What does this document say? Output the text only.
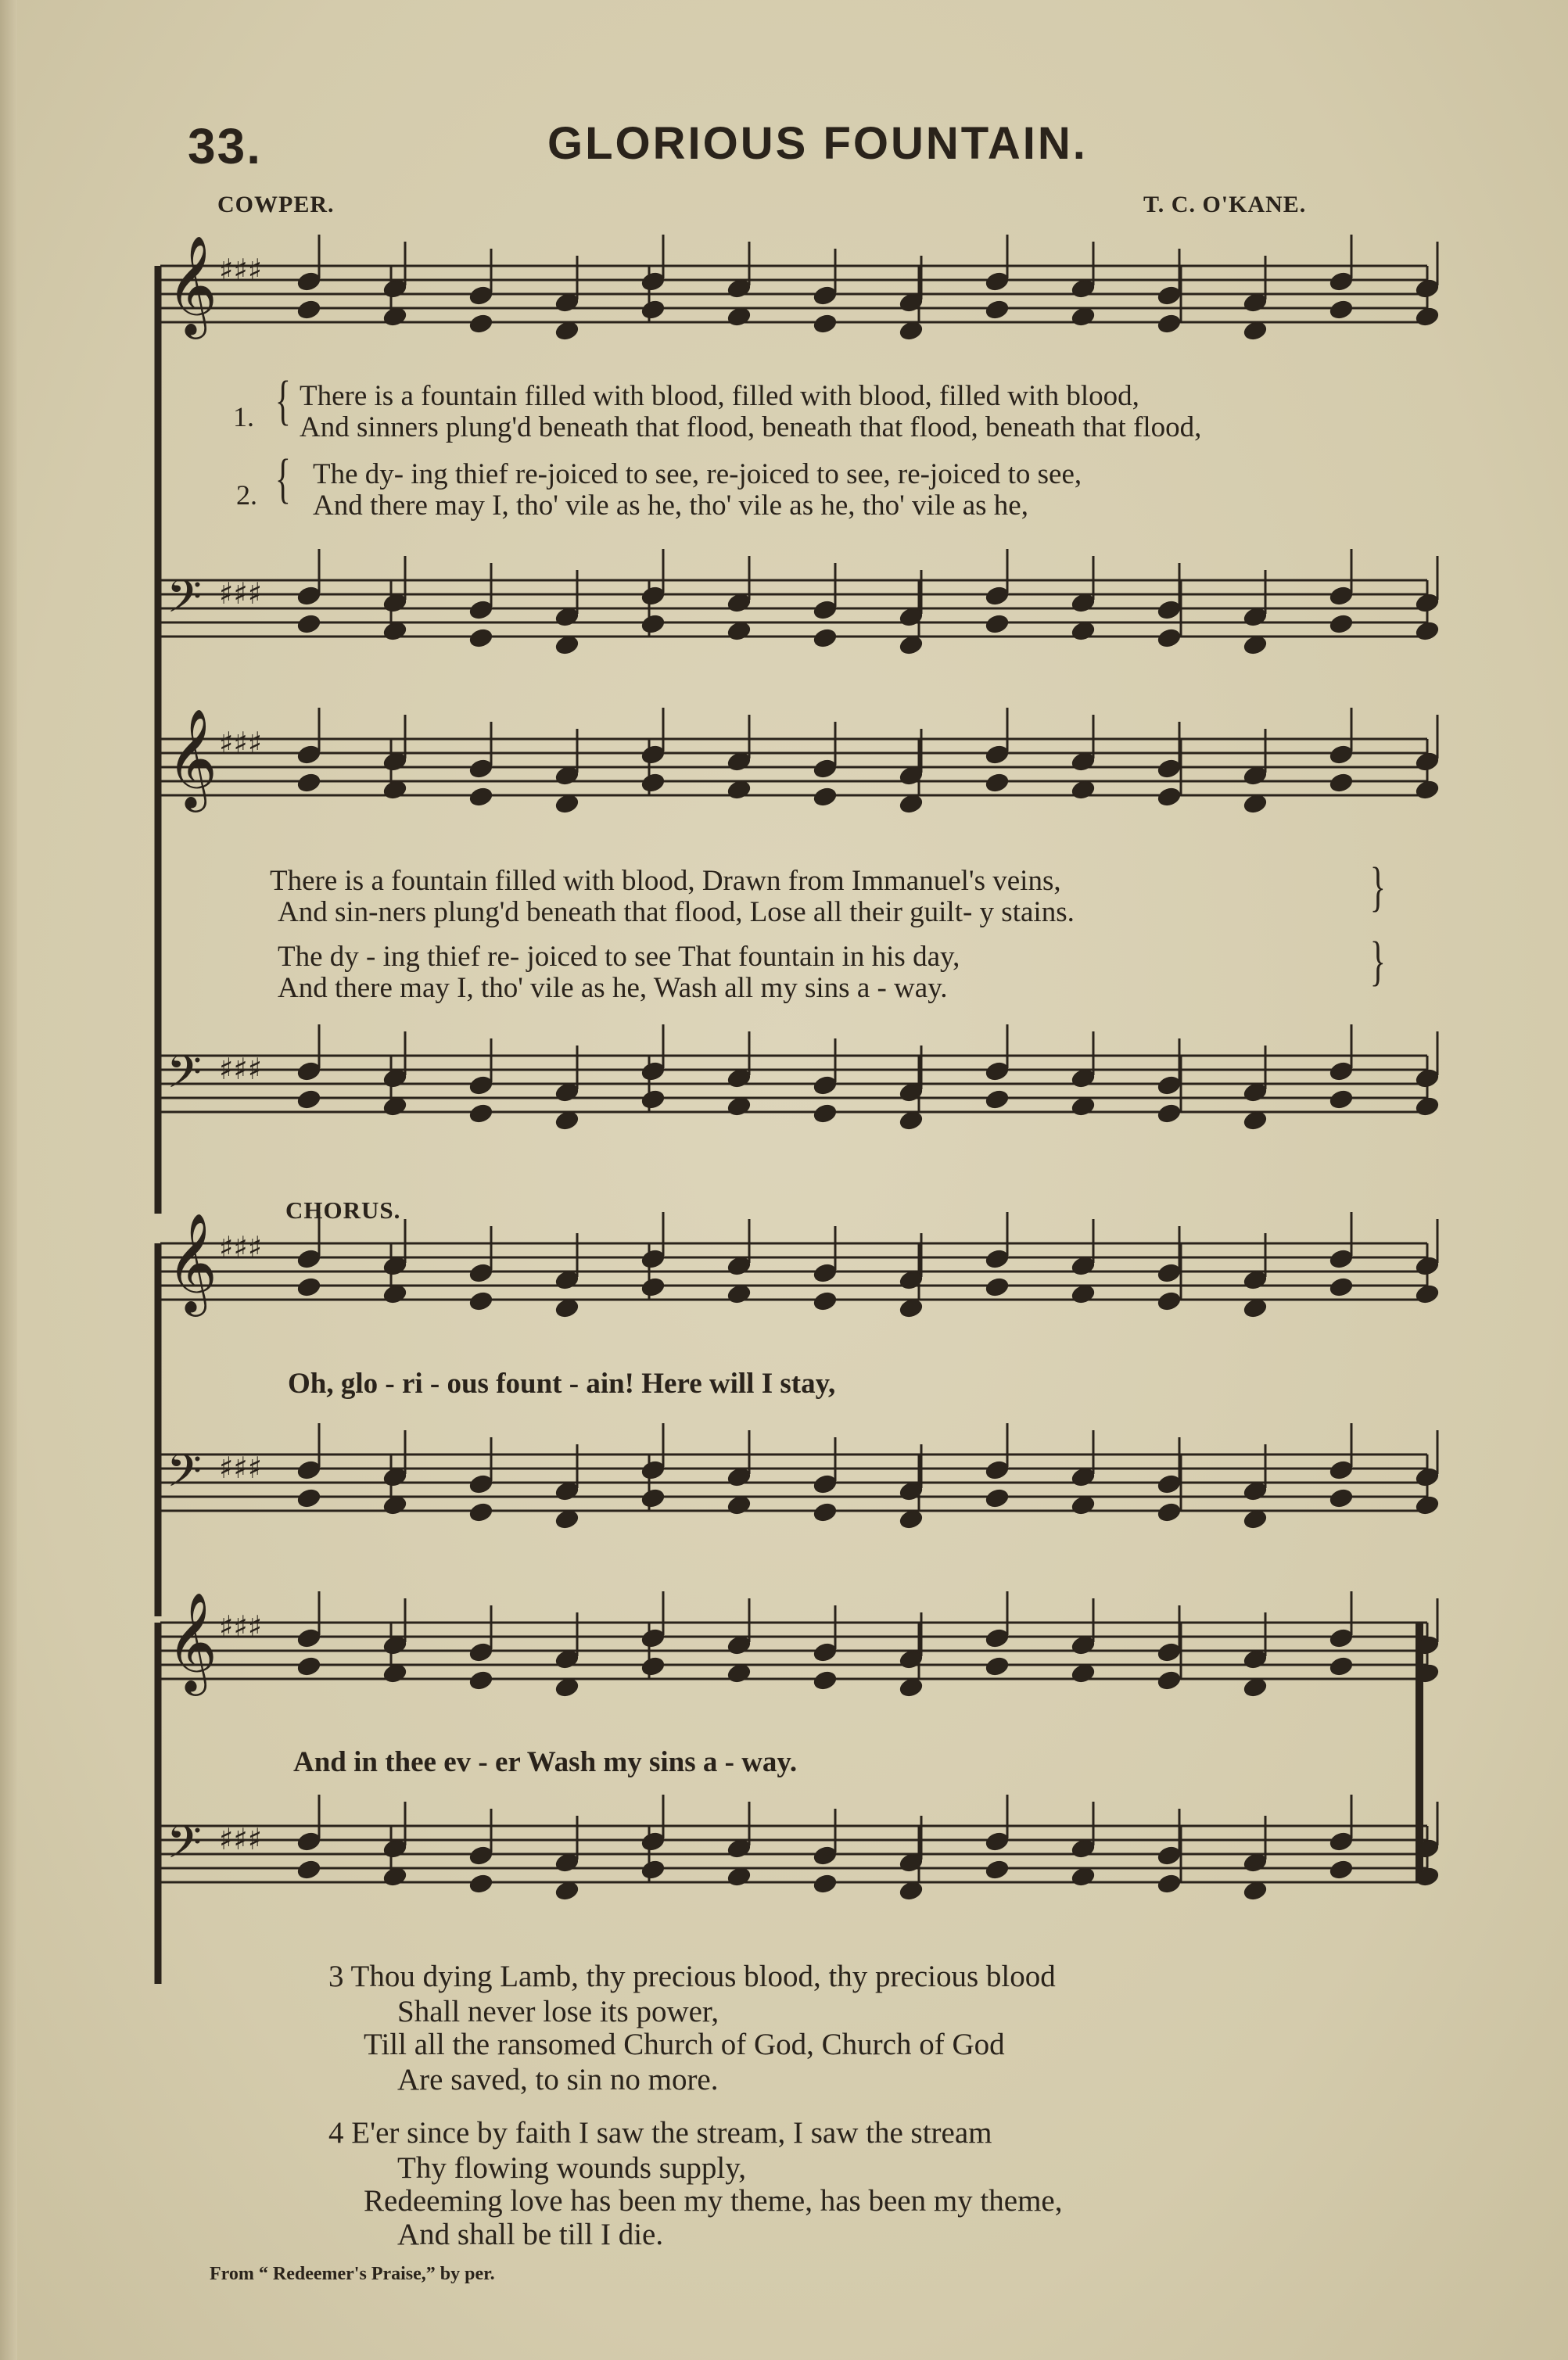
33.	GLORIOUS FOUNTAIN.
COWPER.	T. C. O'KANE.
𝄞 ♯♯♯
𝄢 ♯♯♯
𝄞 ♯♯♯
𝄢 ♯♯♯
𝄞 ♯♯♯
𝄢 ♯♯♯
𝄞 ♯♯♯
𝄢 ♯♯♯
1. { There is a fountain filled with blood, filled with blood, filled with blood,
And sinners plung'd beneath that flood, beneath that flood, beneath that flood,
2. { The dy- ing thief re-joiced to see, re-joiced to see, re-joiced to see,
And there may I, tho' vile as he, tho' vile as he, tho' vile as he,
There is a fountain filled with blood, Drawn from Immanuel's veins,
And sin-ners plung'd beneath that flood, Lose all their guilt- y stains.	}
The dy - ing thief re- joiced to see That fountain in his day,
And there may I, tho' vile as he, Wash all my sins a - way.	}
CHORUS.
Oh, glo - ri - ous fount - ain! Here will I stay,
And in thee ev - er Wash my sins a - way.
3 Thou dying Lamb, thy precious blood, thy precious blood
Shall never lose its power,
Till all the ransomed Church of God, Church of God
Are saved, to sin no more.
4 E'er since by faith I saw the stream, I saw the stream
Thy flowing wounds supply,
Redeeming love has been my theme, has been my theme,
And shall be till I die.
From “ Redeemer's Praise,” by per.
